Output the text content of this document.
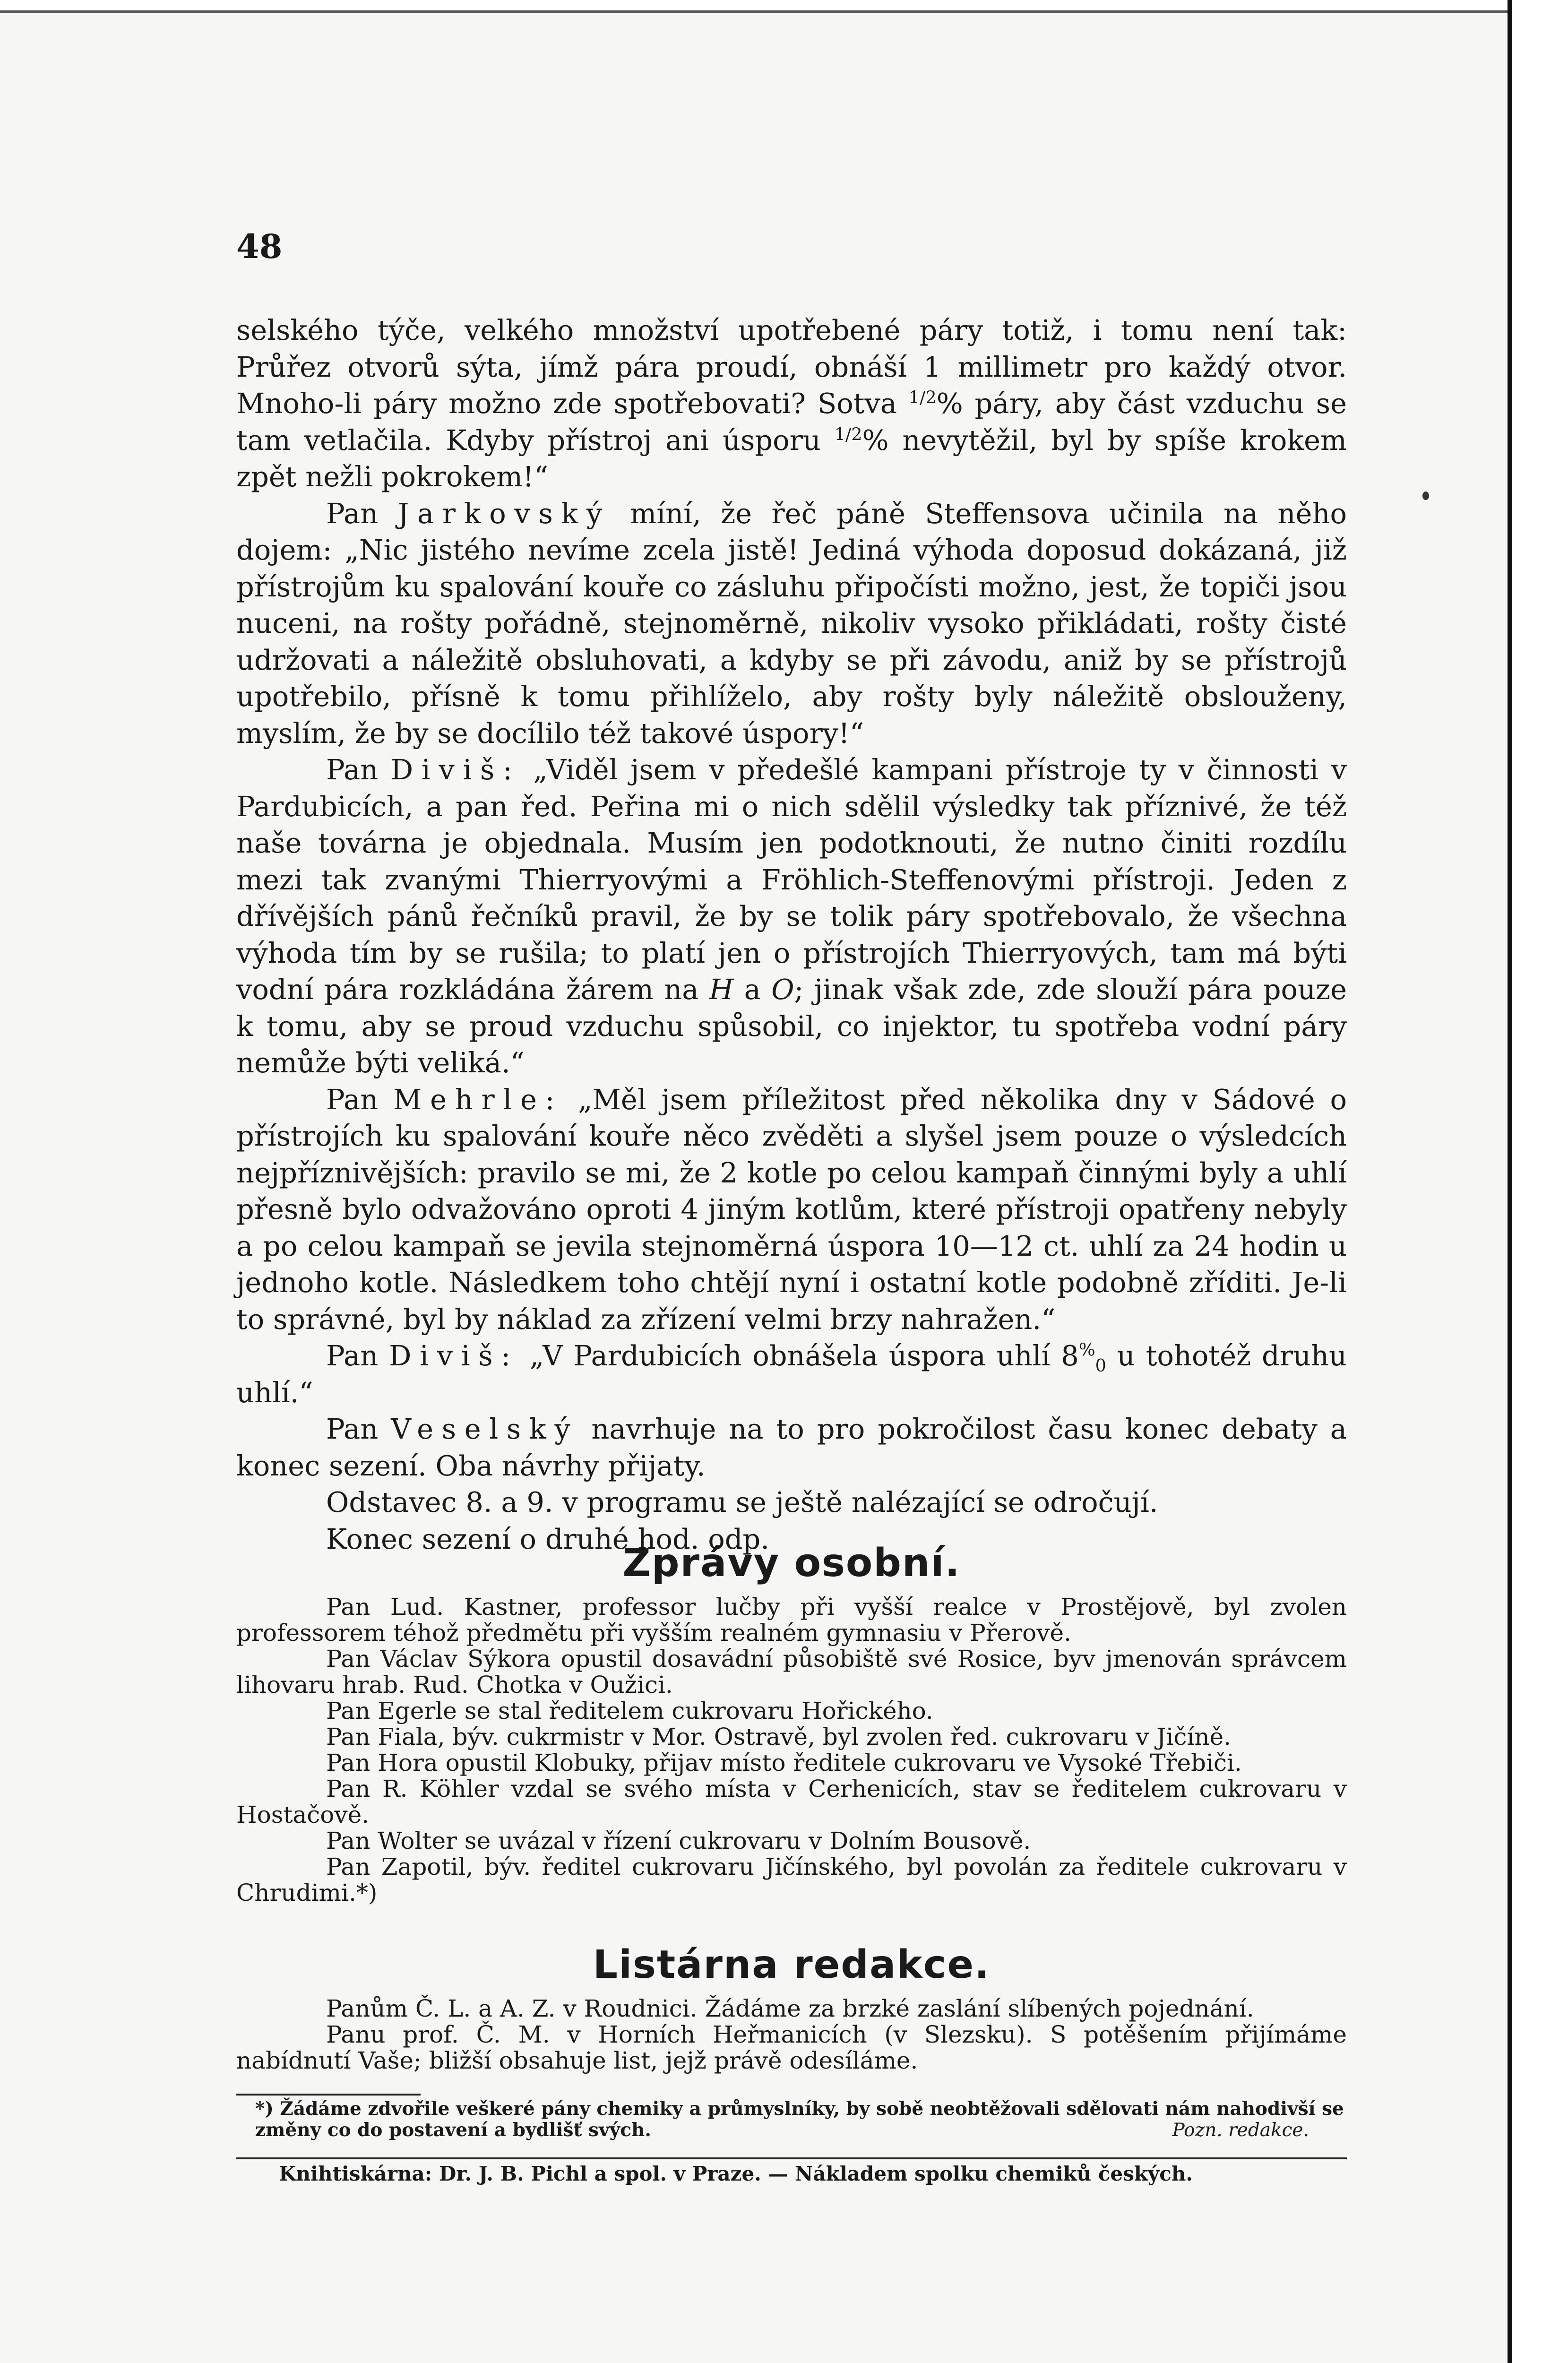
48

selského týče, velkého množství upotřebené páry totiž, i tomu není tak: Průřez otvorů sýta, jímž pára proudí, obnáší 1 millimetr pro každý otvor. Mnoho-li páry možno zde spotřebovati? Sotva $^{1/2}$% páry, aby část vzduchu se tam vetlačila. Kdyby přístroj ani úsporu $^{1/2}$% nevytěžil, byl by spíše krokem zpět nežli pokrokem!“

Pan Jarkovský míní, že řeč páně Steffensova učinila na něho dojem: „Nic jistého nevíme zcela jistě! Jediná výhoda doposud dokázaná, již přístrojům ku spalování kouře co zásluhu připočísti možno, jest, že topiči jsou nuceni, na rošty pořádně, stejnoměrně, nikoliv vysoko přikládati, rošty čisté udržovati a náležitě obsluhovati, a kdyby se při závodu, aniž by se přístrojů upotřebilo, přísně k tomu přihlíželo, aby rošty byly náležitě obslouženy, myslím, že by se docílilo též takové úspory!“

Pan Diviš: „Viděl jsem v předešlé kampani přístroje ty v činnosti v Pardubicích, a pan řed. Peřina mi o nich sdělil výsledky tak příznivé, že též naše továrna je objednala. Musím jen podotknouti, že nutno činiti rozdílu mezi tak zvanými Thierryovými a Fröhlich-Steffenovými přístroji. Jeden z dřívějších pánů řečníků pravil, že by se tolik páry spotřebovalo, že všechna výhoda tím by se rušila; to platí jen o přístrojích Thierryových, tam má býti vodní pára rozkládána žárem na H a O; jinak však zde, zde slouží pára pouze k tomu, aby se proud vzduchu spůsobil, co injektor, tu spotřeba vodní páry nemůže býti veliká.“

Pan Mehrle: „Měl jsem příležitost před několika dny v Sádové o přístrojích ku spalování kouře něco zvěděti a slyšel jsem pouze o výsledcích nejpříznivějších: pravilo se mi, že 2 kotle po celou kampaň činnými byly a uhlí přesně bylo odvažováno oproti 4 jiným kotlům, které přístroji opatřeny nebyly a po celou kampaň se jevila stejnoměrná úspora 10—12 ct. uhlí za 24 hodin u jednoho kotle. Následkem toho chtějí nyní i ostatní kotle podobně zříditi. Je-li to správné, byl by náklad za zřízení velmi brzy nahražen.“

Pan Diviš: „V Pardubicích obnášela úspora uhlí $8^{\%}_0$ u tohotéž druhu uhlí.“

Pan Veselský navrhuje na to pro pokročilost času konec debaty a konec sezení. Oba návrhy přijaty.

Odstavec 8. a 9. v programu se ještě nalézající se odročují.

Konec sezení o druhé hod. odp.

Zprávy osobní.

Pan Lud. Kastner, professor lučby při vyšší realce v Prostějově, byl zvolen professorem téhož předmětu při vyšším realném gymnasiu v Přerově.

Pan Václav Sýkora opustil dosavádní působiště své Rosice, byv jmenován správcem lihovaru hrab. Rud. Chotka v Oužici.

Pan Egerle se stal ředitelem cukrovaru Hořického.

Pan Fiala, býv. cukrmistr v Mor. Ostravě, byl zvolen řed. cukrovaru v Jičíně.

Pan Hora opustil Klobuky, přijav místo ředitele cukrovaru ve Vysoké Třebiči.

Pan R. Köhler vzdal se svého místa v Cerhenicích, stav se ředitelem cukrovaru v Hostačově.

Pan Wolter se uvázal v řízení cukrovaru v Dolním Bousově.

Pan Zapotil, býv. ředitel cukrovaru Jičínského, byl povolán za ředitele cukrovaru v Chrudimi.*)

Listárna redakce.

Panům Č. L. a A. Z. v Roudnici. Žádáme za brzké zaslání slíbených pojednání.

Panu prof. Č. M. v Horních Heřmanicích (v Slezsku). S potěšením přijímáme nabídnutí Vaše; bližší obsahuje list, jejž právě odesíláme.

*) Žádáme zdvořile veškeré pány chemiky a průmyslníky, by sobě neobtěžovali sdělovati nám nahodivší se změny co do postavení a bydlišť svých.	Pozn. redakce.

Knihtiskárna: Dr. J. B. Pichl a spol. v Praze. — Nákladem spolku chemiků českých.
